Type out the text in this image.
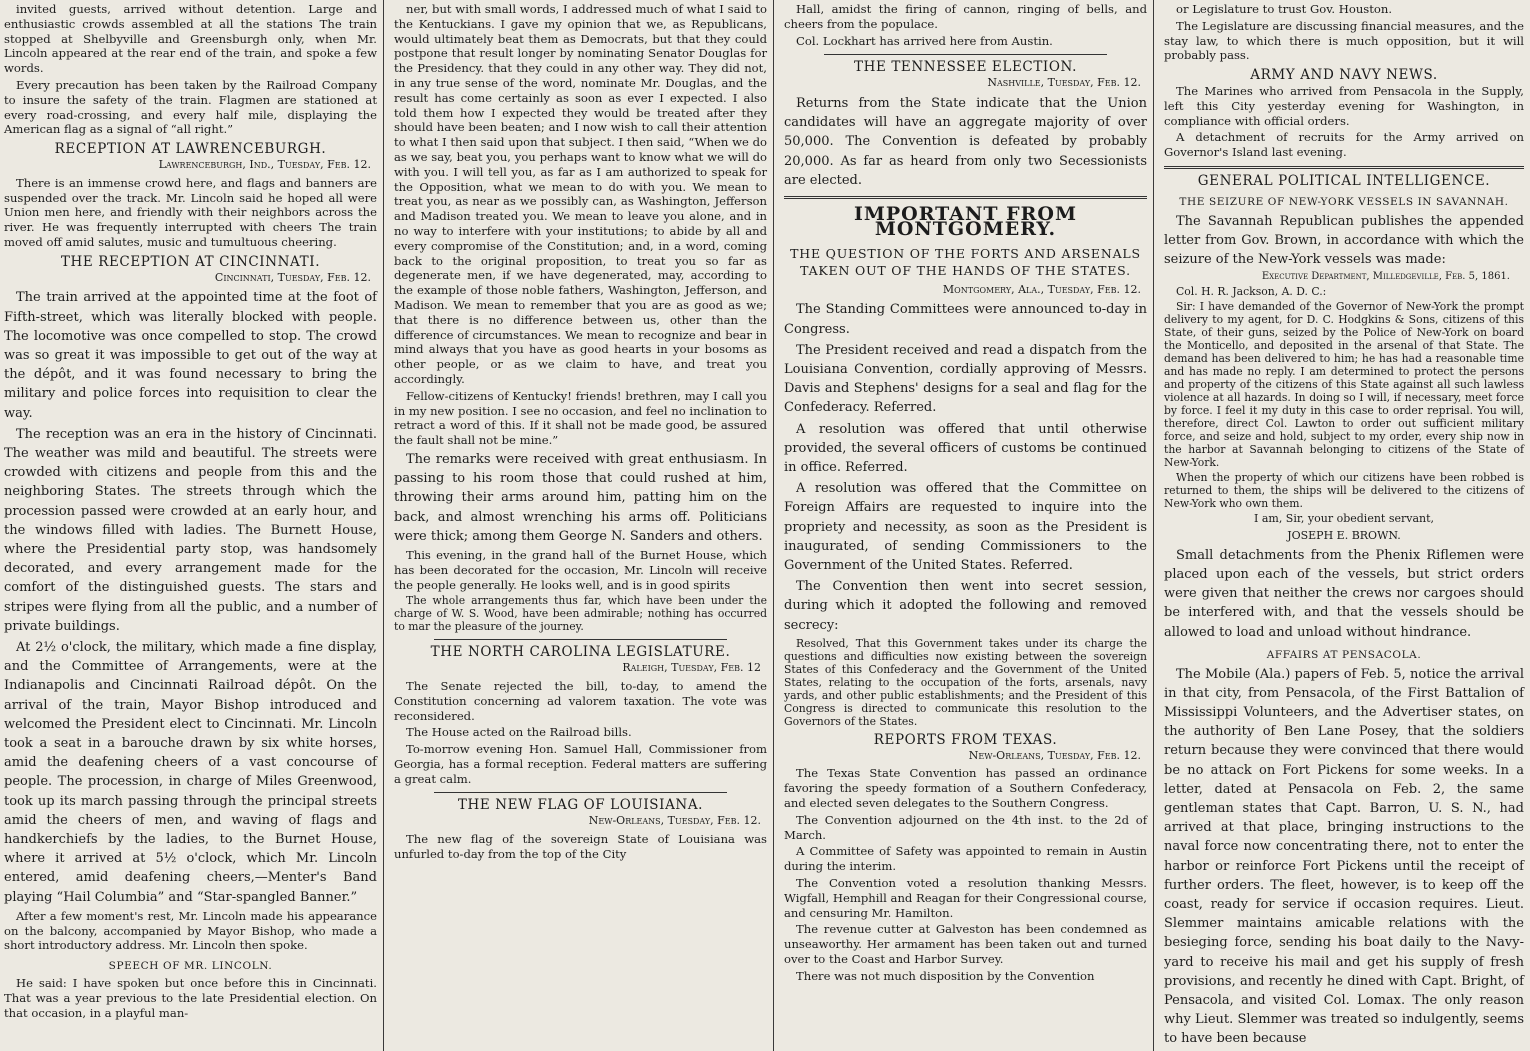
invited guests, arrived without detention. Large and enthusiastic crowds assembled at all the stations The train stopped at Shelbyville and Greensburgh only, when Mr. Lincoln appeared at the rear end of the train, and spoke a few words.

Every precaution has been taken by the Railroad Company to insure the safety of the train. Flagmen are stationed at every road-crossing, and every half mile, displaying the American flag as a signal of “all right.”

RECEPTION AT LAWRENCEBURGH.
Lawrenceburgh, Ind., Tuesday, Feb. 12.

There is an immense crowd here, and flags and banners are suspended over the track. Mr. Lincoln said he hoped all were Union men here, and friendly with their neighbors across the river. He was frequently interrupted with cheers The train moved off amid salutes, music and tumultuous cheering.

THE RECEPTION AT CINCINNATI.
Cincinnati, Tuesday, Feb. 12.

The train arrived at the appointed time at the foot of Fifth-street, which was literally blocked with people. The locomotive was once compelled to stop. The crowd was so great it was impossible to get out of the way at the dépôt, and it was found necessary to bring the military and police forces into requisition to clear the way.

The reception was an era in the history of Cincinnati. The weather was mild and beautiful. The streets were crowded with citizens and people from this and the neighboring States. The streets through which the procession passed were crowded at an early hour, and the windows filled with ladies. The Burnett House, where the Presidential party stop, was handsomely decorated, and every arrangement made for the comfort of the distinguished guests. The stars and stripes were flying from all the public, and a number of private buildings.

At 2½ o'clock, the military, which made a fine display, and the Committee of Arrangements, were at the Indianapolis and Cincinnati Railroad dépôt. On the arrival of the train, Mayor Bishop introduced and welcomed the President elect to Cincinnati. Mr. Lincoln took a seat in a barouche drawn by six white horses, amid the deafening cheers of a vast concourse of people. The procession, in charge of Miles Greenwood, took up its march passing through the principal streets amid the cheers of men, and waving of flags and handkerchiefs by the ladies, to the Burnet House, where it arrived at 5½ o'clock, which Mr. Lincoln entered, amid deafening cheers,—Menter's Band playing “Hail Columbia” and “Star-spangled Banner.”

After a few moment's rest, Mr. Lincoln made his appearance on the balcony, accompanied by Mayor Bishop, who made a short introductory address. Mr. Lincoln then spoke.

SPEECH OF MR. LINCOLN.

He said: I have spoken but once before this in Cincinnati. That was a year previous to the late Presidential election. On that occasion, in a playful man-

ner, but with small words, I addressed much of what I said to the Kentuckians. I gave my opinion that we, as Republicans, would ultimately beat them as Democrats, but that they could postpone that result longer by nominating Senator Douglas for the Presidency. that they could in any other way. They did not, in any true sense of the word, nominate Mr. Douglas, and the result has come certainly as soon as ever I expected. I also told them how I expected they would be treated after they should have been beaten; and I now wish to call their attention to what I then said upon that subject. I then said, “When we do as we say, beat you, you perhaps want to know what we will do with you. I will tell you, as far as I am authorized to speak for the Opposition, what we mean to do with you. We mean to treat you, as near as we possibly can, as Washington, Jefferson and Madison treated you. We mean to leave you alone, and in no way to interfere with your institutions; to abide by all and every compromise of the Constitution; and, in a word, coming back to the original proposition, to treat you so far as degenerate men, if we have degenerated, may, according to the example of those noble fathers, Washington, Jefferson, and Madison. We mean to remember that you are as good as we; that there is no difference between us, other than the difference of circumstances. We mean to recognize and bear in mind always that you have as good hearts in your bosoms as other people, or as we claim to have, and treat you accordingly.

Fellow-citizens of Kentucky! friends! brethren, may I call you in my new position. I see no occasion, and feel no inclination to retract a word of this. If it shall not be made good, be assured the fault shall not be mine.”

The remarks were received with great enthusiasm. In passing to his room those that could rushed at him, throwing their arms around him, patting him on the back, and almost wrenching his arms off. Politicians were thick; among them George N. Sanders and others.

This evening, in the grand hall of the Burnet House, which has been decorated for the occasion, Mr. Lincoln will receive the people generally. He looks well, and is in good spirits

The whole arrangements thus far, which have been under the charge of W. S. Wood, have been admirable; nothing has occurred to mar the pleasure of the journey.

THE NORTH CAROLINA LEGISLATURE.
Raleigh, Tuesday, Feb. 12

The Senate rejected the bill, to-day, to amend the Constitution concerning ad valorem taxation. The vote was reconsidered.

The House acted on the Railroad bills.

To-morrow evening Hon. Samuel Hall, Commissioner from Georgia, has a formal reception. Federal matters are suffering a great calm.

THE NEW FLAG OF LOUISIANA.
New-Orleans, Tuesday, Feb. 12.

The new flag of the sovereign State of Louisiana was unfurled to-day from the top of the City

Hall, amidst the firing of cannon, ringing of bells, and cheers from the populace.

Col. Lockhart has arrived here from Austin.

THE TENNESSEE ELECTION.
Nashville, Tuesday, Feb. 12.

Returns from the State indicate that the Union candidates will have an aggregate majority of over 50,000. The Convention is defeated by probably 20,000. As far as heard from only two Secessionists are elected.

IMPORTANT FROM MONTGOMERY.
THE QUESTION OF THE FORTS AND ARSENALS TAKEN OUT OF THE HANDS OF THE STATES.
Montgomery, Ala., Tuesday, Feb. 12.

The Standing Committees were announced to-day in Congress.

The President received and read a dispatch from the Louisiana Convention, cordially approving of Messrs. Davis and Stephens' designs for a seal and flag for the Confederacy. Referred.

A resolution was offered that until otherwise provided, the several officers of customs be continued in office. Referred.

A resolution was offered that the Committee on Foreign Affairs are requested to inquire into the propriety and necessity, as soon as the President is inaugurated, of sending Commissioners to the Government of the United States. Referred.

The Convention then went into secret session, during which it adopted the following and removed secrecy:

Resolved, That this Government takes under its charge the questions and difficulties now existing between the sovereign States of this Confederacy and the Government of the United States, relating to the occupation of the forts, arsenals, navy yards, and other public establishments; and the President of this Congress is directed to communicate this resolution to the Governors of the States.

REPORTS FROM TEXAS.
New-Orleans, Tuesday, Feb. 12.

The Texas State Convention has passed an ordinance favoring the speedy formation of a Southern Confederacy, and elected seven delegates to the Southern Congress.

The Convention adjourned on the 4th inst. to the 2d of March.

A Committee of Safety was appointed to remain in Austin during the interim.

The Convention voted a resolution thanking Messrs. Wigfall, Hemphill and Reagan for their Congressional course, and censuring Mr. Hamilton.

The revenue cutter at Galveston has been condemned as unseaworthy. Her armament has been taken out and turned over to the Coast and Harbor Survey.

There was not much disposition by the Convention

or Legislature to trust Gov. Houston.

The Legislature are discussing financial measures, and the stay law, to which there is much opposition, but it will probably pass.

ARMY AND NAVY NEWS.

The Marines who arrived from Pensacola in the Supply, left this City yesterday evening for Washington, in compliance with official orders.

A detachment of recruits for the Army arrived on Governor's Island last evening.

GENERAL POLITICAL INTELLIGENCE.
THE SEIZURE OF NEW-YORK VESSELS IN SAVANNAH.

The Savannah Republican publishes the appended letter from Gov. Brown, in accordance with which the seizure of the New-York vessels was made:

Executive Department, Milledgeville, Feb. 5, 1861.

Col. H. R. Jackson, A. D. C.:

Sir: I have demanded of the Governor of New-York the prompt delivery to my agent, for D. C. Hodgkins & Sons, citizens of this State, of their guns, seized by the Police of New-York on board the Monticello, and deposited in the arsenal of that State. The demand has been delivered to him; he has had a reasonable time and has made no reply. I am determined to protect the persons and property of the citizens of this State against all such lawless violence at all hazards. In doing so I will, if necessary, meet force by force. I feel it my duty in this case to order reprisal. You will, therefore, direct Col. Lawton to order out sufficient military force, and seize and hold, subject to my order, every ship now in the harbor at Savannah belonging to citizens of the State of New-York.

When the property of which our citizens have been robbed is returned to them, the ships will be delivered to the citizens of New-York who own them.

I am, Sir, your obedient servant,
JOSEPH E. BROWN.

Small detachments from the Phenix Riflemen were placed upon each of the vessels, but strict orders were given that neither the crews nor cargoes should be interfered with, and that the vessels should be allowed to load and unload without hindrance.

AFFAIRS AT PENSACOLA.

The Mobile (Ala.) papers of Feb. 5, notice the arrival in that city, from Pensacola, of the First Battalion of Mississippi Volunteers, and the Advertiser states, on the authority of Ben Lane Posey, that the soldiers return because they were convinced that there would be no attack on Fort Pickens for some weeks. In a letter, dated at Pensacola on Feb. 2, the same gentleman states that Capt. Barron, U. S. N., had arrived at that place, bringing instructions to the naval force now concentrating there, not to enter the harbor or reinforce Fort Pickens until the receipt of further orders. The fleet, however, is to keep off the coast, ready for service if occasion requires. Lieut. Slemmer maintains amicable relations with the besieging force, sending his boat daily to the Navy-yard to receive his mail and get his supply of fresh provisions, and recently he dined with Capt. Bright, of Pensacola, and visited Col. Lomax. The only reason why Lieut. Slemmer was treated so indulgently, seems to have been because
